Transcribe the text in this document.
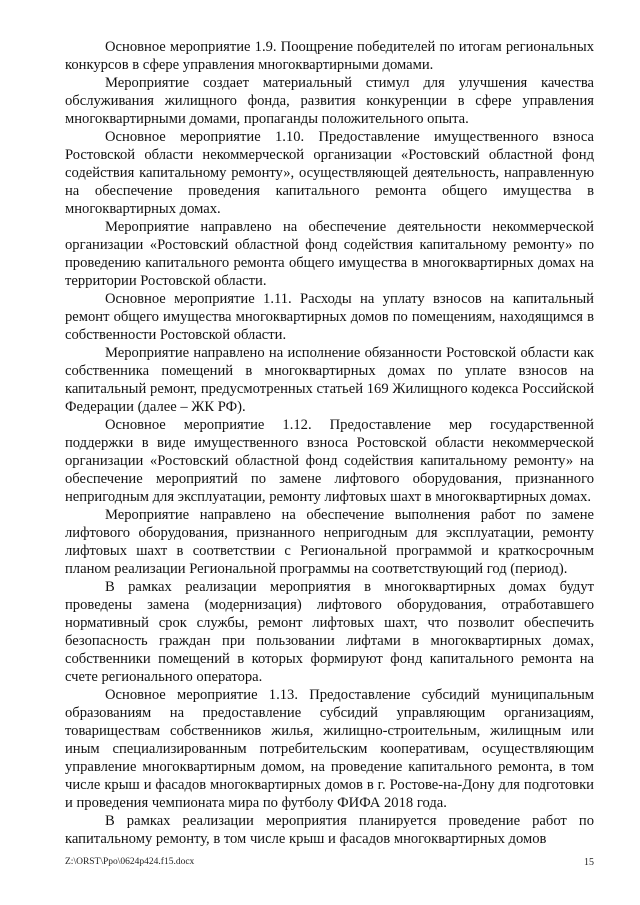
Основное мероприятие 1.9. Поощрение победителей по итогам региональных конкурсов в сфере управления многоквартирными домами.

Мероприятие создает материальный стимул для улучшения качества обслуживания жилищного фонда, развития конкуренции в сфере управления многоквартирными домами, пропаганды положительного опыта.

Основное мероприятие 1.10. Предоставление имущественного взноса Ростовской области некоммерческой организации «Ростовский областной фонд содействия капитальному ремонту», осуществляющей деятельность, направленную на обеспечение проведения капитального ремонта общего имущества в многоквартирных домах.

Мероприятие направлено на обеспечение деятельности некоммерческой организации «Ростовский областной фонд содействия капитальному ремонту» по проведению капитального ремонта общего имущества в многоквартирных домах на территории Ростовской области.

Основное мероприятие 1.11. Расходы на уплату взносов на капитальный ремонт общего имущества многоквартирных домов по помещениям, находящимся в собственности Ростовской области.

Мероприятие направлено на исполнение обязанности Ростовской области как собственника помещений в многоквартирных домах по уплате взносов на капитальный ремонт, предусмотренных статьей 169 Жилищного кодекса Российской Федерации (далее – ЖК РФ).

Основное мероприятие 1.12. Предоставление мер государственной поддержки в виде имущественного взноса Ростовской области некоммерческой организации «Ростовский областной фонд содействия капитальному ремонту» на обеспечение мероприятий по замене лифтового оборудования, признанного непригодным для эксплуатации, ремонту лифтовых шахт в многоквартирных домах.

Мероприятие направлено на обеспечение выполнения работ по замене лифтового оборудования, признанного непригодным для эксплуатации, ремонту лифтовых шахт в соответствии с Региональной программой и краткосрочным планом реализации Региональной программы на соответствующий год (период).

В рамках реализации мероприятия в многоквартирных домах будут проведены замена (модернизация) лифтового оборудования, отработавшего нормативный срок службы, ремонт лифтовых шахт, что позволит обеспечить безопасность граждан при пользовании лифтами в многоквартирных домах, собственники помещений в которых формируют фонд капитального ремонта на счете регионального оператора.

Основное мероприятие 1.13. Предоставление субсидий муниципальным образованиям на предоставление субсидий управляющим организациям, товариществам собственников жилья, жилищно-строительным, жилищным или иным специализированным потребительским кооперативам, осуществляющим управление многоквартирным домом, на проведение капитального ремонта, в том числе крыш и фасадов многоквартирных домов в г. Ростове-на-Дону для подготовки и проведения чемпионата мира по футболу ФИФА 2018 года.

В рамках реализации мероприятия планируется проведение работ по капитальному ремонту, в том числе крыш и фасадов многоквартирных домов

Z:\ORST\Ppo\0624p424.f15.docx	15
